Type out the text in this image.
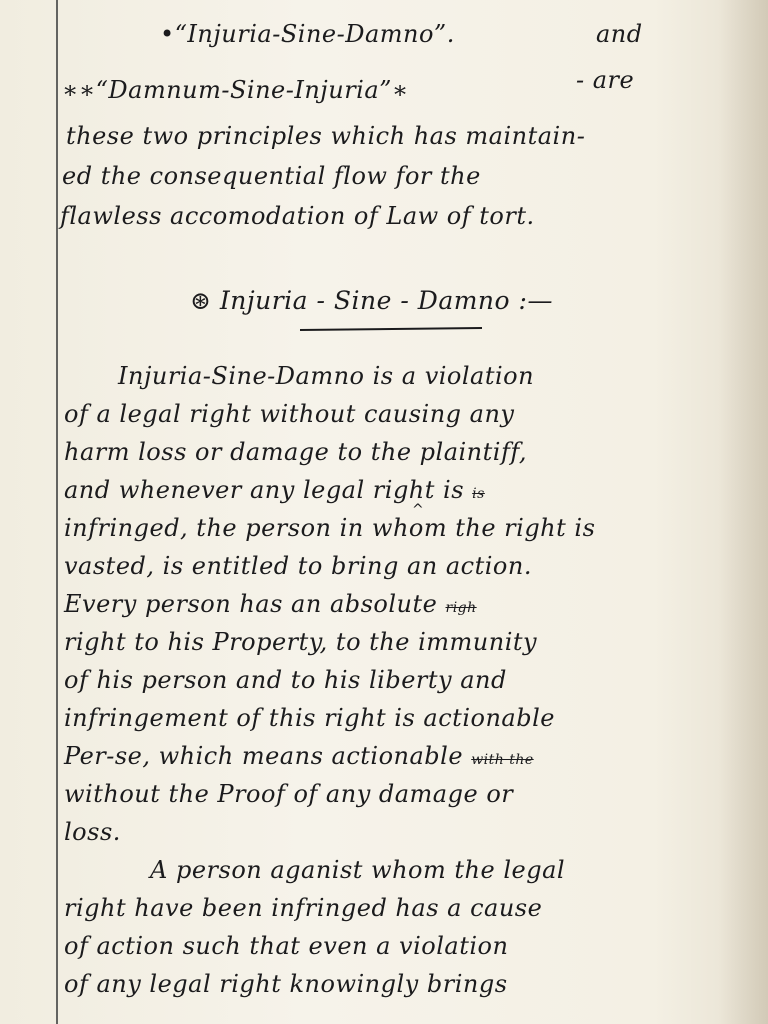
•“Injuria-Sine-Damno”.	and
∗∗“Damnum-Sine-Injuria”∗	- are
these two principles which has maintain-
ed the consequential flow for the
flawless accomodation of Law of tort.
⊛ Injuria - Sine - Damno :—
Injuria-Sine-Damno is a violation
of a legal right without causing any
harm loss or damage to the plaintiff,
and whenever any legal right is is
infringed, the person in whom the right is
^
vasted, is entitled to bring an action.
Every person has an absolute righ
right to his Property, to the immunity
of his person and to his liberty and
infringement of this right is actionable
Per-se, which means actionable with the
without the Proof of any damage or
loss.
A person aganist whom the legal
right have been infringed has a cause
of action such that even a violation
of any legal right knowingly brings
